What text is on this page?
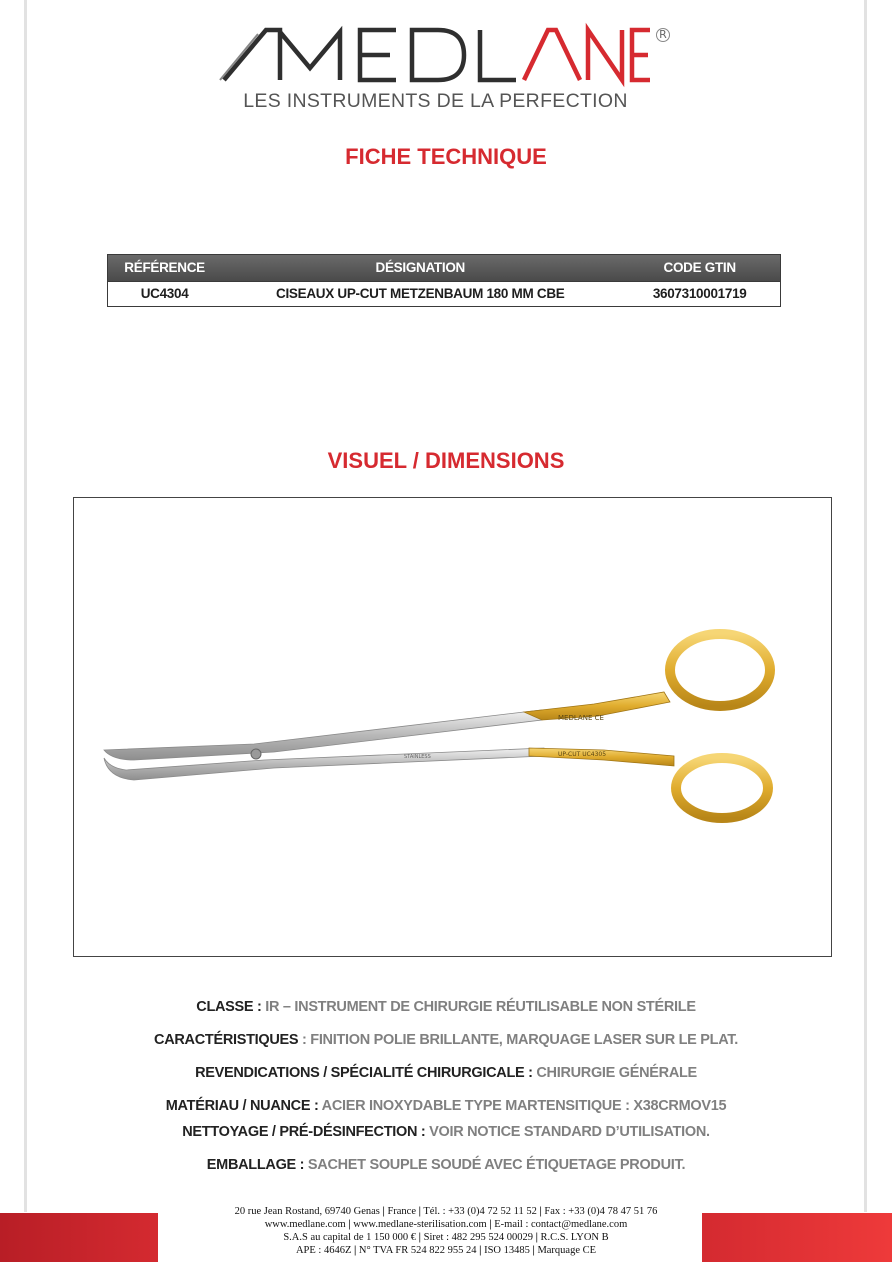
R
LES INSTRUMENTS DE LA PERFECTION
FICHE TECHNIQUE
RÉFÉRENCE	DÉSIGNATION	CODE GTIN
UC4304	CISEAUX UP-CUT METZENBAUM 180 MM CBE	3607310001719
VISUEL / DIMENSIONS
MEDLANE CE
UP-CUT UC4305
STAINLESS
CLASSE : IR – INSTRUMENT DE CHIRURGIE RÉUTILISABLE NON STÉRILE
CARACTÉRISTIQUES : FINITION POLIE BRILLANTE, MARQUAGE LASER SUR LE PLAT.
REVENDICATIONS / SPÉCIALITÉ CHIRURGICALE : CHIRURGIE GÉNÉRALE
MATÉRIAU / NUANCE : ACIER INOXYDABLE TYPE MARTENSITIQUE : X38CRMOV15
NETTOYAGE / PRÉ-DÉSINFECTION : VOIR NOTICE STANDARD D’UTILISATION.
EMBALLAGE : SACHET SOUPLE SOUDÉ AVEC ÉTIQUETAGE PRODUIT.
20 rue Jean Rostand, 69740 Genas | France | Tél. : +33 (0)4 72 52 11 52 | Fax : +33 (0)4 78 47 51 76
www.medlane.com | www.medlane-sterilisation.com | E-mail : contact@medlane.com
S.A.S au capital de 1 150 000 € | Siret : 482 295 524 00029 | R.C.S. LYON B
APE : 4646Z | N° TVA FR 524 822 955 24 | ISO 13485 | Marquage CE
